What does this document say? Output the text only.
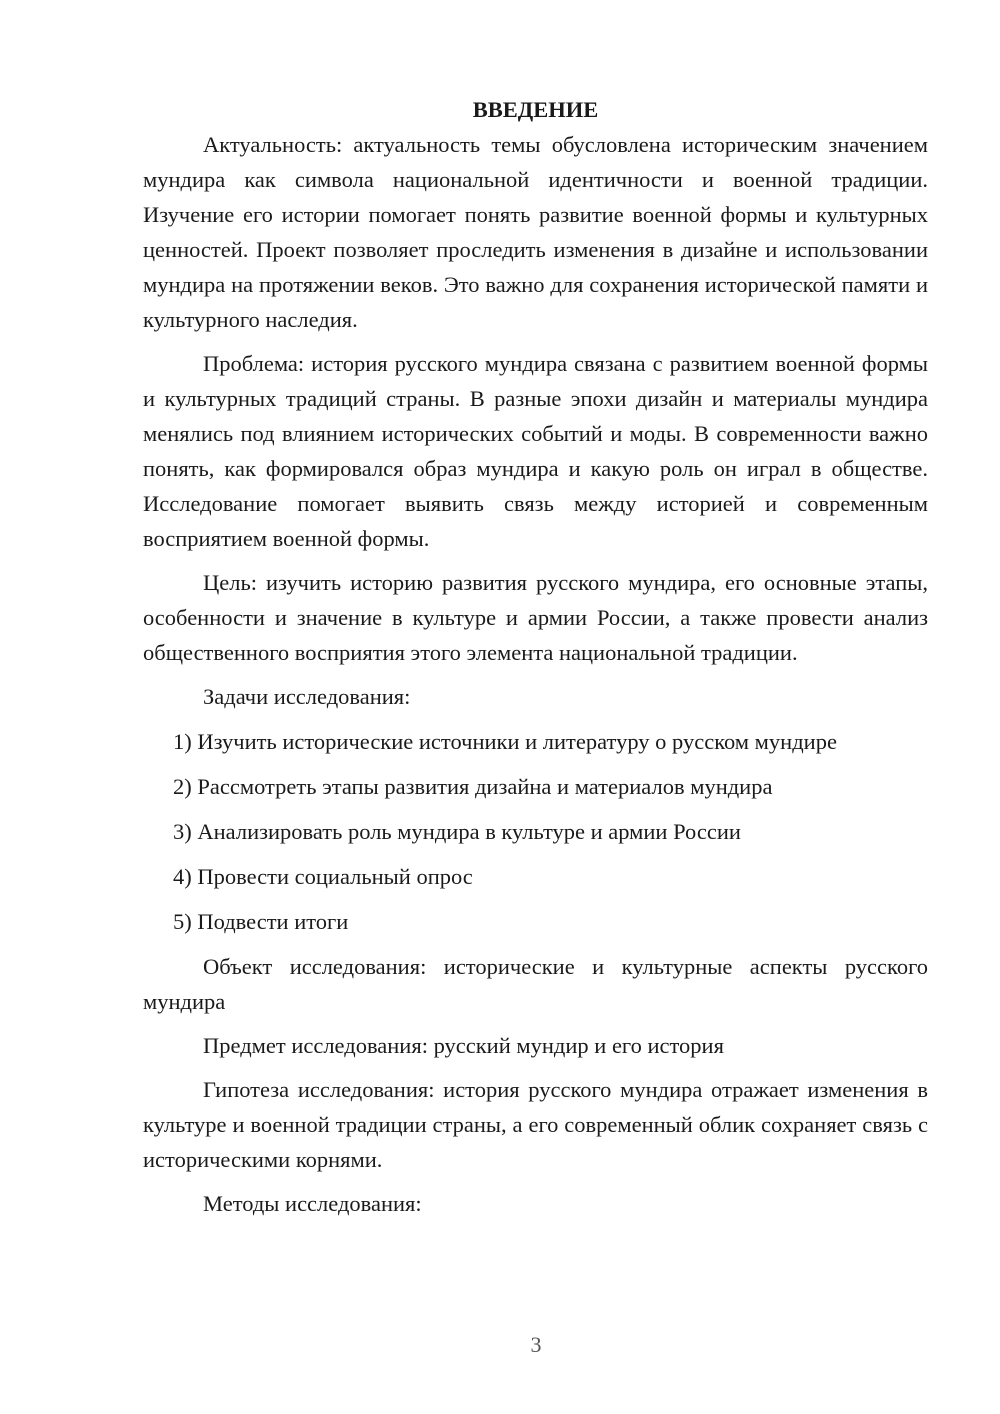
ВВЕДЕНИЕ

Актуальность: актуальность темы обусловлена историческим значением мундира как символа национальной идентичности и военной традиции. Изучение его истории помогает понять развитие военной формы и культурных ценностей. Проект позволяет проследить изменения в дизайне и использовании мундира на протяжении веков. Это важно для сохранения исторической памяти и культурного наследия.

Проблема: история русского мундира связана с развитием военной формы и культурных традиций страны. В разные эпохи дизайн и материалы мундира менялись под влиянием исторических событий и моды. В современности важно понять, как формировался образ мундира и какую роль он играл в обществе. Исследование помогает выявить связь между историей и современным восприятием военной формы.

Цель: изучить историю развития русского мундира, его основные этапы, особенности и значение в культуре и армии России, а также провести анализ общественного восприятия этого элемента национальной традиции.

Задачи исследования:

1) Изучить исторические источники и литературу о русском мундире
2) Рассмотреть этапы развития дизайна и материалов мундира
3) Анализировать роль мундира в культуре и армии России
4) Провести социальный опрос
5) Подвести итоги

Объект исследования: исторические и культурные аспекты русского мундира

Предмет исследования: русский мундир и его история

Гипотеза исследования: история русского мундира отражает изменения в культуре и военной традиции страны, а его современный облик сохраняет связь с историческими корнями.

Методы исследования:

3
